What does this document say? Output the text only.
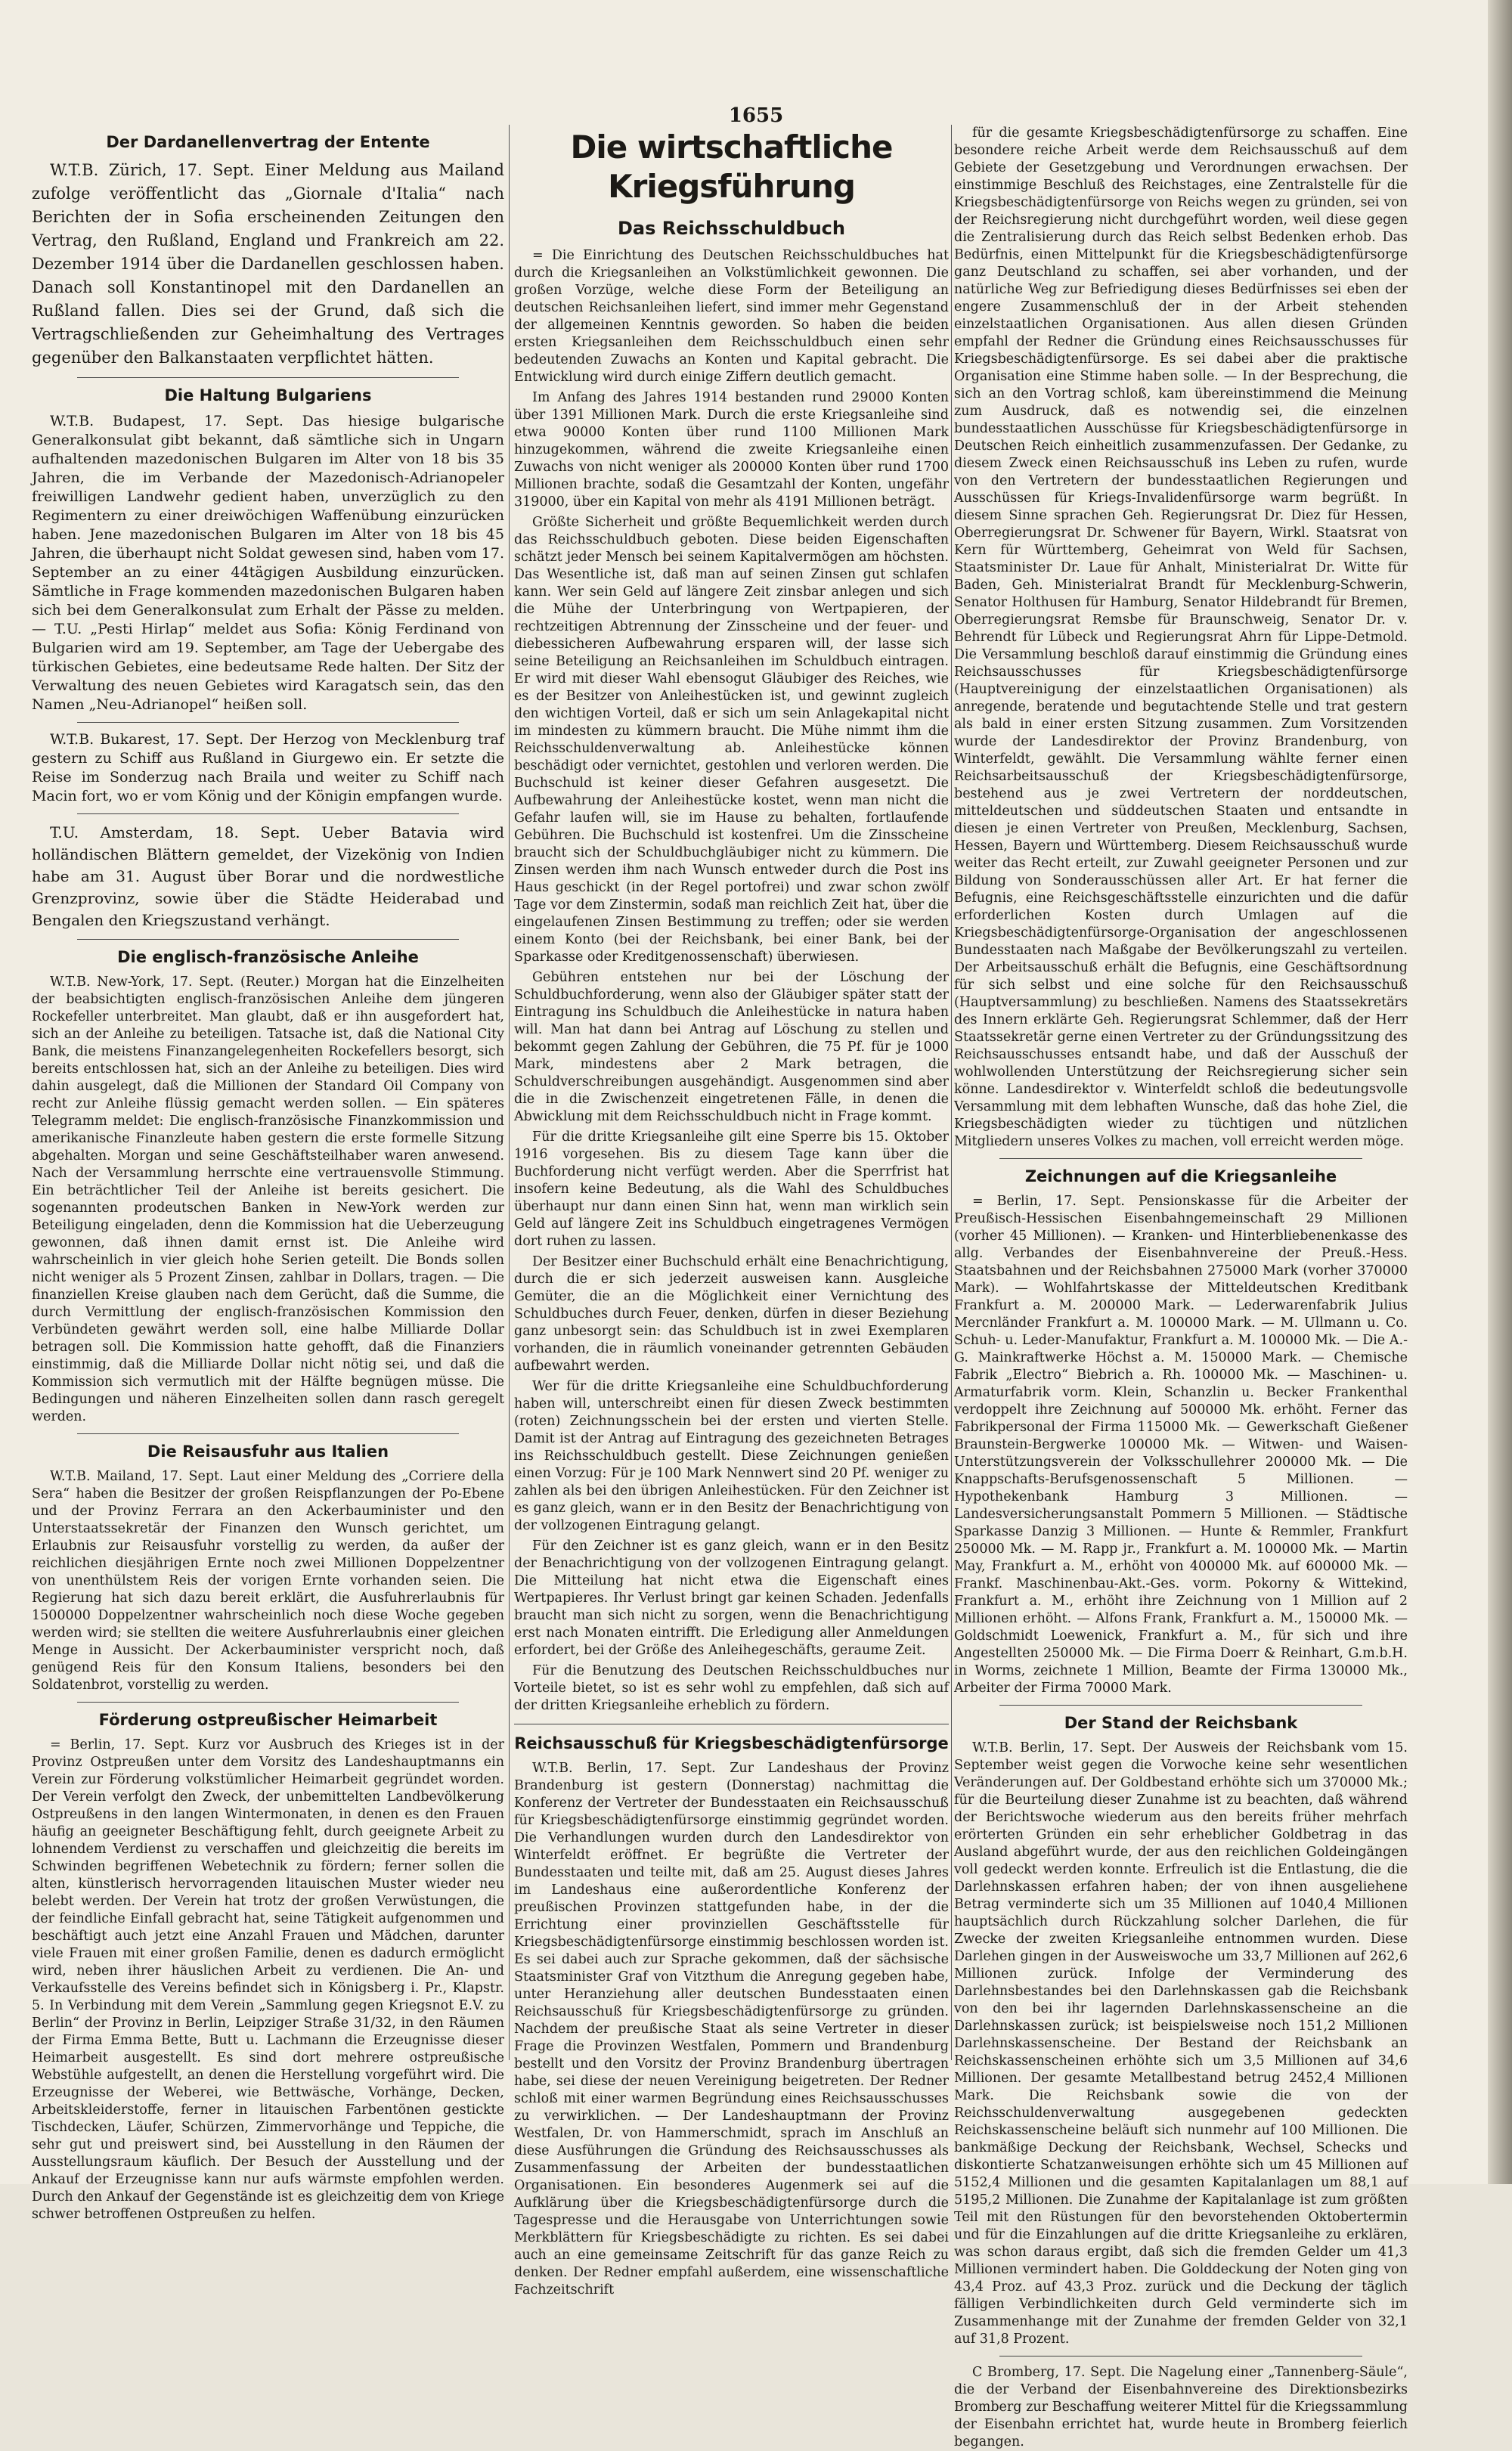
1655
Der Dardanellenvertrag der Entente

W.T.B. Zürich, 17. Sept. Einer Meldung aus Mailand zufolge veröffentlicht das „Giornale d'Italia“ nach Berichten der in Sofia erscheinenden Zeitungen den Vertrag, den Rußland, England und Frankreich am 22. Dezember 1914 über die Dardanellen geschlossen haben. Danach soll Konstantinopel mit den Dardanellen an Rußland fallen. Dies sei der Grund, daß sich die Vertragschließenden zur Geheimhaltung des Vertrages gegenüber den Balkanstaaten verpflichtet hätten.

Die Haltung Bulgariens

W.T.B. Budapest, 17. Sept. Das hiesige bulgarische Generalkonsulat gibt bekannt, daß sämtliche sich in Ungarn aufhaltenden mazedonischen Bulgaren im Alter von 18 bis 35 Jahren, die im Verbande der Mazedonisch-Adrianopeler freiwilligen Landwehr gedient haben, unverzüglich zu den Regimentern zu einer dreiwöchigen Waffenübung einzurücken haben. Jene mazedonischen Bulgaren im Alter von 18 bis 45 Jahren, die überhaupt nicht Soldat gewesen sind, haben vom 17. September an zu einer 44tägigen Ausbildung einzurücken. Sämtliche in Frage kommenden mazedonischen Bulgaren haben sich bei dem Generalkonsulat zum Erhalt der Pässe zu melden. — T.U. „Pesti Hirlap“ meldet aus Sofia: König Ferdinand von Bulgarien wird am 19. September, am Tage der Uebergabe des türkischen Gebietes, eine bedeutsame Rede halten. Der Sitz der Verwaltung des neuen Gebietes wird Karagatsch sein, das den Namen „Neu-Adrianopel“ heißen soll.

W.T.B. Bukarest, 17. Sept. Der Herzog von Mecklenburg traf gestern zu Schiff aus Rußland in Giurgewo ein. Er setzte die Reise im Sonderzug nach Braila und weiter zu Schiff nach Macin fort, wo er vom König und der Königin empfangen wurde.

T.U. Amsterdam, 18. Sept. Ueber Batavia wird holländischen Blättern gemeldet, der Vizekönig von Indien habe am 31. August über Borar und die nordwestliche Grenzprovinz, sowie über die Städte Heiderabad und Bengalen den Kriegszustand verhängt.

Die englisch-französische Anleihe

W.T.B. New-York, 17. Sept. (Reuter.) Morgan hat die Einzelheiten der beabsichtigten englisch-französischen Anleihe dem jüngeren Rockefeller unterbreitet. Man glaubt, daß er ihn ausgefordert hat, sich an der Anleihe zu beteiligen. Tatsache ist, daß die National City Bank, die meistens Finanzangelegenheiten Rockefellers besorgt, sich bereits entschlossen hat, sich an der Anleihe zu beteiligen. Dies wird dahin ausgelegt, daß die Millionen der Standard Oil Company von recht zur Anleihe flüssig gemacht werden sollen. — Ein späteres Telegramm meldet: Die englisch-französische Finanzkommission und amerikanische Finanzleute haben gestern die erste formelle Sitzung abgehalten. Morgan und seine Geschäftsteilhaber waren anwesend. Nach der Versammlung herrschte eine vertrauensvolle Stimmung. Ein beträchtlicher Teil der Anleihe ist bereits gesichert. Die sogenannten prodeutschen Banken in New-York werden zur Beteiligung eingeladen, denn die Kommission hat die Ueberzeugung gewonnen, daß ihnen damit ernst ist. Die Anleihe wird wahrscheinlich in vier gleich hohe Serien geteilt. Die Bonds sollen nicht weniger als 5 Prozent Zinsen, zahlbar in Dollars, tragen. — Die finanziellen Kreise glauben nach dem Gerücht, daß die Summe, die durch Vermittlung der englisch-französischen Kommission den Verbündeten gewährt werden soll, eine halbe Milliarde Dollar betragen soll. Die Kommission hatte gehofft, daß die Finanziers einstimmig, daß die Milliarde Dollar nicht nötig sei, und daß die Kommission sich vermutlich mit der Hälfte begnügen müsse. Die Bedingungen und näheren Einzelheiten sollen dann rasch geregelt werden.

Die Reisausfuhr aus Italien

W.T.B. Mailand, 17. Sept. Laut einer Meldung des „Corriere della Sera“ haben die Besitzer der großen Reispflanzungen der Po-Ebene und der Provinz Ferrara an den Ackerbauminister und den Unterstaatssekretär der Finanzen den Wunsch gerichtet, um Erlaubnis zur Reisausfuhr vorstellig zu werden, da außer der reichlichen diesjährigen Ernte noch zwei Millionen Doppelzentner von unenthülstem Reis der vorigen Ernte vorhanden seien. Die Regierung hat sich dazu bereit erklärt, die Ausfuhrerlaubnis für 1500000 Doppelzentner wahrscheinlich noch diese Woche gegeben werden wird; sie stellten die weitere Ausfuhrerlaubnis einer gleichen Menge in Aussicht. Der Ackerbauminister verspricht noch, daß genügend Reis für den Konsum Italiens, besonders bei den Soldatenbrot, vorstellig zu werden.

Förderung ostpreußischer Heimarbeit

= Berlin, 17. Sept. Kurz vor Ausbruch des Krieges ist in der Provinz Ostpreußen unter dem Vorsitz des Landeshauptmanns ein Verein zur Förderung volkstümlicher Heimarbeit gegründet worden. Der Verein verfolgt den Zweck, der unbemittelten Landbevölkerung Ostpreußens in den langen Wintermonaten, in denen es den Frauen häufig an geeigneter Beschäftigung fehlt, durch geeignete Arbeit zu lohnendem Verdienst zu verschaffen und gleichzeitig die bereits im Schwinden begriffenen Webetechnik zu fördern; ferner sollen die alten, künstlerisch hervorragenden litauischen Muster wieder neu belebt werden. Der Verein hat trotz der großen Verwüstungen, die der feindliche Einfall gebracht hat, seine Tätigkeit aufgenommen und beschäftigt auch jetzt eine Anzahl Frauen und Mädchen, darunter viele Frauen mit einer großen Familie, denen es dadurch ermöglicht wird, neben ihrer häuslichen Arbeit zu verdienen. Die An- und Verkaufsstelle des Vereins befindet sich in Königsberg i. Pr., Klapstr. 5. In Verbindung mit dem Verein „Sammlung gegen Kriegsnot E.V. zu Berlin“ der Provinz in Berlin, Leipziger Straße 31/32, in den Räumen der Firma Emma Bette, Butt u. Lachmann die Erzeugnisse dieser Heimarbeit ausgestellt. Es sind dort mehrere ostpreußische Webstühle aufgestellt, an denen die Herstellung vorgeführt wird. Die Erzeugnisse der Weberei, wie Bettwäsche, Vorhänge, Decken, Arbeitskleiderstoffe, ferner in litauischen Farbentönen gestickte Tischdecken, Läufer, Schürzen, Zimmervorhänge und Teppiche, die sehr gut und preiswert sind, bei Ausstellung in den Räumen der Ausstellungsraum käuflich. Der Besuch der Ausstellung und der Ankauf der Erzeugnisse kann nur aufs wärmste empfohlen werden. Durch den Ankauf der Gegenstände ist es gleichzeitig dem von Kriege schwer betroffenen Ostpreußen zu helfen.

Die wirtschaftliche Kriegsführung
Das Reichsschuldbuch

= Die Einrichtung des Deutschen Reichsschuldbuches hat durch die Kriegsanleihen an Volkstümlichkeit gewonnen. Die großen Vorzüge, welche diese Form der Beteiligung an deutschen Reichsanleihen liefert, sind immer mehr Gegenstand der allgemeinen Kenntnis geworden. So haben die beiden ersten Kriegsanleihen dem Reichsschuldbuch einen sehr bedeutenden Zuwachs an Konten und Kapital gebracht. Die Entwicklung wird durch einige Ziffern deutlich gemacht.

Im Anfang des Jahres 1914 bestanden rund 29000 Konten über 1391 Millionen Mark. Durch die erste Kriegsanleihe sind etwa 90000 Konten über rund 1100 Millionen Mark hinzugekommen, während die zweite Kriegsanleihe einen Zuwachs von nicht weniger als 200000 Konten über rund 1700 Millionen brachte, sodaß die Gesamtzahl der Konten, ungefähr 319000, über ein Kapital von mehr als 4191 Millionen beträgt.

Größte Sicherheit und größte Bequemlichkeit werden durch das Reichsschuldbuch geboten. Diese beiden Eigenschaften schätzt jeder Mensch bei seinem Kapitalvermögen am höchsten. Das Wesentliche ist, daß man auf seinen Zinsen gut schlafen kann. Wer sein Geld auf längere Zeit zinsbar anlegen und sich die Mühe der Unterbringung von Wertpapieren, der rechtzeitigen Abtrennung der Zinsscheine und der feuer- und diebessicheren Aufbewahrung ersparen will, der lasse sich seine Beteiligung an Reichsanleihen im Schuldbuch eintragen. Er wird mit dieser Wahl ebensogut Gläubiger des Reiches, wie es der Besitzer von Anleihestücken ist, und gewinnt zugleich den wichtigen Vorteil, daß er sich um sein Anlagekapital nicht im mindesten zu kümmern braucht. Die Mühe nimmt ihm die Reichsschuldenverwaltung ab. Anleihestücke können beschädigt oder vernichtet, gestohlen und verloren werden. Die Buchschuld ist keiner dieser Gefahren ausgesetzt. Die Aufbewahrung der Anleihestücke kostet, wenn man nicht die Gefahr laufen will, sie im Hause zu behalten, fortlaufende Gebühren. Die Buchschuld ist kostenfrei. Um die Zinsscheine braucht sich der Schuldbuchgläubiger nicht zu kümmern. Die Zinsen werden ihm nach Wunsch entweder durch die Post ins Haus geschickt (in der Regel portofrei) und zwar schon zwölf Tage vor dem Zinstermin, sodaß man reichlich Zeit hat, über die eingelaufenen Zinsen Bestimmung zu treffen; oder sie werden einem Konto (bei der Reichsbank, bei einer Bank, bei der Sparkasse oder Kreditgenossenschaft) überwiesen.

Gebühren entstehen nur bei der Löschung der Schuldbuchforderung, wenn also der Gläubiger später statt der Eintragung ins Schuldbuch die Anleihestücke in natura haben will. Man hat dann bei Antrag auf Löschung zu stellen und bekommt gegen Zahlung der Gebühren, die 75 Pf. für je 1000 Mark, mindestens aber 2 Mark betragen, die Schuldverschreibungen ausgehändigt. Ausgenommen sind aber die in die Zwischenzeit eingetretenen Fälle, in denen die Abwicklung mit dem Reichsschuldbuch nicht in Frage kommt.

Für die dritte Kriegsanleihe gilt eine Sperre bis 15. Oktober 1916 vorgesehen. Bis zu diesem Tage kann über die Buchforderung nicht verfügt werden. Aber die Sperrfrist hat insofern keine Bedeutung, als die Wahl des Schuldbuches überhaupt nur dann einen Sinn hat, wenn man wirklich sein Geld auf längere Zeit ins Schuldbuch eingetragenes Vermögen dort ruhen zu lassen.

Der Besitzer einer Buchschuld erhält eine Benachrichtigung, durch die er sich jederzeit ausweisen kann. Ausgleiche Gemüter, die an die Möglichkeit einer Vernichtung des Schuldbuches durch Feuer, denken, dürfen in dieser Beziehung ganz unbesorgt sein: das Schuldbuch ist in zwei Exemplaren vorhanden, die in räumlich voneinander getrennten Gebäuden aufbewahrt werden.

Wer für die dritte Kriegsanleihe eine Schuldbuchforderung haben will, unterschreibt einen für diesen Zweck bestimmten (roten) Zeichnungsschein bei der ersten und vierten Stelle. Damit ist der Antrag auf Eintragung des gezeichneten Betrages ins Reichsschuldbuch gestellt. Diese Zeichnungen genießen einen Vorzug: Für je 100 Mark Nennwert sind 20 Pf. weniger zu zahlen als bei den übrigen Anleihestücken. Für den Zeichner ist es ganz gleich, wann er in den Besitz der Benachrichtigung von der vollzogenen Eintragung gelangt.

Für den Zeichner ist es ganz gleich, wann er in den Besitz der Benachrichtigung von der vollzogenen Eintragung gelangt. Die Mitteilung hat nicht etwa die Eigenschaft eines Wertpapieres. Ihr Verlust bringt gar keinen Schaden. Jedenfalls braucht man sich nicht zu sorgen, wenn die Benachrichtigung erst nach Monaten eintrifft. Die Erledigung aller Anmeldungen erfordert, bei der Größe des Anleihegeschäfts, geraume Zeit.

Für die Benutzung des Deutschen Reichsschuldbuches nur Vorteile bietet, so ist es sehr wohl zu empfehlen, daß sich auf der dritten Kriegsanleihe erheblich zu fördern.

Reichsausschuß für Kriegsbeschädigtenfürsorge

W.T.B. Berlin, 17. Sept. Zur Landeshaus der Provinz Brandenburg ist gestern (Donnerstag) nachmittag die Konferenz der Vertreter der Bundesstaaten ein Reichsausschuß für Kriegsbeschädigtenfürsorge einstimmig gegründet worden. Die Verhandlungen wurden durch den Landesdirektor von Winterfeldt eröffnet. Er begrüßte die Vertreter der Bundesstaaten und teilte mit, daß am 25. August dieses Jahres im Landeshaus eine außerordentliche Konferenz der preußischen Provinzen stattgefunden habe, in der die Errichtung einer provinziellen Geschäftsstelle für Kriegsbeschädigtenfürsorge einstimmig beschlossen worden ist. Es sei dabei auch zur Sprache gekommen, daß der sächsische Staatsminister Graf von Vitzthum die Anregung gegeben habe, unter Heranziehung aller deutschen Bundesstaaten einen Reichsausschuß für Kriegsbeschädigtenfürsorge zu gründen. Nachdem der preußische Staat als seine Vertreter in dieser Frage die Provinzen Westfalen, Pommern und Brandenburg bestellt und den Vorsitz der Provinz Brandenburg übertragen habe, sei diese der neuen Vereinigung beigetreten. Der Redner schloß mit einer warmen Begründung eines Reichsausschusses zu verwirklichen. — Der Landeshauptmann der Provinz Westfalen, Dr. von Hammerschmidt, sprach im Anschluß an diese Ausführungen die Gründung des Reichsausschusses als Zusammenfassung der Arbeiten der bundesstaatlichen Organisationen. Ein besonderes Augenmerk sei auf die Aufklärung über die Kriegsbeschädigtenfürsorge durch die Tagespresse und die Herausgabe von Unterrichtungen sowie Merkblättern für Kriegsbeschädigte zu richten. Es sei dabei auch an eine gemeinsame Zeitschrift für das ganze Reich zu denken. Der Redner empfahl außerdem, eine wissenschaftliche Fachzeitschrift

für die gesamte Kriegsbeschädigtenfürsorge zu schaffen. Eine besondere reiche Arbeit werde dem Reichsausschuß auf dem Gebiete der Gesetzgebung und Verordnungen erwachsen. Der einstimmige Beschluß des Reichstages, eine Zentralstelle für die Kriegsbeschädigtenfürsorge von Reichs wegen zu gründen, sei von der Reichsregierung nicht durchgeführt worden, weil diese gegen die Zentralisierung durch das Reich selbst Bedenken erhob. Das Bedürfnis, einen Mittelpunkt für die Kriegsbeschädigtenfürsorge ganz Deutschland zu schaffen, sei aber vorhanden, und der natürliche Weg zur Befriedigung dieses Bedürfnisses sei eben der engere Zusammenschluß der in der Arbeit stehenden einzelstaatlichen Organisationen. Aus allen diesen Gründen empfahl der Redner die Gründung eines Reichsausschusses für Kriegsbeschädigtenfürsorge. Es sei dabei aber die praktische Organisation eine Stimme haben solle. — In der Besprechung, die sich an den Vortrag schloß, kam übereinstimmend die Meinung zum Ausdruck, daß es notwendig sei, die einzelnen bundesstaatlichen Ausschüsse für Kriegsbeschädigtenfürsorge in Deutschen Reich einheitlich zusammenzufassen. Der Gedanke, zu diesem Zweck einen Reichsausschuß ins Leben zu rufen, wurde von den Vertretern der bundesstaatlichen Regierungen und Ausschüssen für Kriegs-Invalidenfürsorge warm begrüßt. In diesem Sinne sprachen Geh. Regierungsrat Dr. Diez für Hessen, Oberregierungsrat Dr. Schwener für Bayern, Wirkl. Staatsrat von Kern für Württemberg, Geheimrat von Weld für Sachsen, Staatsminister Dr. Laue für Anhalt, Ministerialrat Dr. Witte für Baden, Geh. Ministerialrat Brandt für Mecklenburg-Schwerin, Senator Holthusen für Hamburg, Senator Hildebrandt für Bremen, Oberregierungsrat Remsbe für Braunschweig, Senator Dr. v. Behrendt für Lübeck und Regierungsrat Ahrn für Lippe-Detmold. Die Versammlung beschloß darauf einstimmig die Gründung eines Reichsausschusses für Kriegsbeschädigtenfürsorge (Hauptvereinigung der einzelstaatlichen Organisationen) als anregende, beratende und begutachtende Stelle und trat gestern als bald in einer ersten Sitzung zusammen. Zum Vorsitzenden wurde der Landesdirektor der Provinz Brandenburg, von Winterfeldt, gewählt. Die Versammlung wählte ferner einen Reichsarbeitsausschuß der Kriegsbeschädigtenfürsorge, bestehend aus je zwei Vertretern der norddeutschen, mitteldeutschen und süddeutschen Staaten und entsandte in diesen je einen Vertreter von Preußen, Mecklenburg, Sachsen, Hessen, Bayern und Württemberg. Diesem Reichsausschuß wurde weiter das Recht erteilt, zur Zuwahl geeigneter Personen und zur Bildung von Sonderausschüssen aller Art. Er hat ferner die Befugnis, eine Reichsgeschäftsstelle einzurichten und die dafür erforderlichen Kosten durch Umlagen auf die Kriegsbeschädigtenfürsorge-Organisation der angeschlossenen Bundesstaaten nach Maßgabe der Bevölkerungszahl zu verteilen. Der Arbeitsausschuß erhält die Befugnis, eine Geschäftsordnung für sich selbst und eine solche für den Reichsausschuß (Hauptversammlung) zu beschließen. Namens des Staatssekretärs des Innern erklärte Geh. Regierungsrat Schlemmer, daß der Herr Staatssekretär gerne einen Vertreter zu der Gründungssitzung des Reichsausschusses entsandt habe, und daß der Ausschuß der wohlwollenden Unterstützung der Reichsregierung sicher sein könne. Landesdirektor v. Winterfeldt schloß die bedeutungsvolle Versammlung mit dem lebhaften Wunsche, daß das hohe Ziel, die Kriegsbeschädigten wieder zu tüchtigen und nützlichen Mitgliedern unseres Volkes zu machen, voll erreicht werden möge.

Zeichnungen auf die Kriegsanleihe

= Berlin, 17. Sept. Pensionskasse für die Arbeiter der Preußisch-Hessischen Eisenbahngemeinschaft 29 Millionen (vorher 45 Millionen). — Kranken- und Hinterbliebenenkasse des allg. Verbandes der Eisenbahnvereine der Preuß.-Hess. Staatsbahnen und der Reichsbahnen 275000 Mark (vorher 370000 Mark). — Wohlfahrtskasse der Mitteldeutschen Kreditbank Frankfurt a. M. 200000 Mark. — Lederwarenfabrik Julius Mercnländer Frankfurt a. M. 100000 Mark. — M. Ullmann u. Co. Schuh- u. Leder-Manufaktur, Frankfurt a. M. 100000 Mk. — Die A.-G. Mainkraftwerke Höchst a. M. 150000 Mark. — Chemische Fabrik „Electro“ Biebrich a. Rh. 100000 Mk. — Maschinen- u. Armaturfabrik vorm. Klein, Schanzlin u. Becker Frankenthal verdoppelt ihre Zeichnung auf 500000 Mk. erhöht. Ferner das Fabrikpersonal der Firma 115000 Mk. — Gewerkschaft Gießener Braunstein-Bergwerke 100000 Mk. — Witwen- und Waisen-Unterstützungsverein der Volksschullehrer 200000 Mk. — Die Knappschafts-Berufsgenossenschaft 5 Millionen. — Hypothekenbank Hamburg 3 Millionen. — Landesversicherungsanstalt Pommern 5 Millionen. — Städtische Sparkasse Danzig 3 Millionen. — Hunte & Remmler, Frankfurt 250000 Mk. — M. Rapp jr., Frankfurt a. M. 100000 Mk. — Martin May, Frankfurt a. M., erhöht von 400000 Mk. auf 600000 Mk. — Frankf. Maschinenbau-Akt.-Ges. vorm. Pokorny & Wittekind, Frankfurt a. M., erhöht ihre Zeichnung von 1 Million auf 2 Millionen erhöht. — Alfons Frank, Frankfurt a. M., 150000 Mk. — Goldschmidt Loewenick, Frankfurt a. M., für sich und ihre Angestellten 250000 Mk. — Die Firma Doerr & Reinhart, G.m.b.H. in Worms, zeichnete 1 Million, Beamte der Firma 130000 Mk., Arbeiter der Firma 70000 Mark.

Der Stand der Reichsbank

W.T.B. Berlin, 17. Sept. Der Ausweis der Reichsbank vom 15. September weist gegen die Vorwoche keine sehr wesentlichen Veränderungen auf. Der Goldbestand erhöhte sich um 370000 Mk.; für die Beurteilung dieser Zunahme ist zu beachten, daß während der Berichtswoche wiederum aus den bereits früher mehrfach erörterten Gründen ein sehr erheblicher Goldbetrag in das Ausland abgeführt wurde, der aus den reichlichen Goldeingängen voll gedeckt werden konnte. Erfreulich ist die Entlastung, die die Darlehnskassen erfahren haben; der von ihnen ausgeliehene Betrag verminderte sich um 35 Millionen auf 1040,4 Millionen hauptsächlich durch Rückzahlung solcher Darlehen, die für Zwecke der zweiten Kriegsanleihe entnommen wurden. Diese Darlehen gingen in der Ausweiswoche um 33,7 Millionen auf 262,6 Millionen zurück. Infolge der Verminderung des Darlehnsbestandes bei den Darlehnskassen gab die Reichsbank von den bei ihr lagernden Darlehnskassenscheine an die Darlehnskassen zurück; ist beispielsweise noch 151,2 Millionen Darlehnskassenscheine. Der Bestand der Reichsbank an Reichskassenscheinen erhöhte sich um 3,5 Millionen auf 34,6 Millionen. Der gesamte Metallbestand betrug 2452,4 Millionen Mark. Die Reichsbank sowie die von der Reichsschuldenverwaltung ausgegebenen gedeckten Reichskassenscheine beläuft sich nunmehr auf 100 Millionen. Die bankmäßige Deckung der Reichsbank, Wechsel, Schecks und diskontierte Schatzanweisungen erhöhte sich um 45 Millionen auf 5152,4 Millionen und die gesamten Kapitalanlagen um 88,1 auf 5195,2 Millionen. Die Zunahme der Kapitalanlage ist zum größten Teil mit den Rüstungen für den bevorstehenden Oktobertermin und für die Einzahlungen auf die dritte Kriegsanleihe zu erklären, was schon daraus ergibt, daß sich die fremden Gelder um 41,3 Millionen vermindert haben. Die Golddeckung der Noten ging von 43,4 Proz. auf 43,3 Proz. zurück und die Deckung der täglich fälligen Verbindlichkeiten durch Geld verminderte sich im Zusammenhange mit der Zunahme der fremden Gelder von 32,1 auf 31,8 Prozent.

C Bromberg, 17. Sept. Die Nagelung einer „Tannenberg-Säule“, die der Verband der Eisenbahnvereine des Direktionsbezirks Bromberg zur Beschaffung weiterer Mittel für die Kriegssammlung der Eisenbahn errichtet hat, wurde heute in Bromberg feierlich begangen.
